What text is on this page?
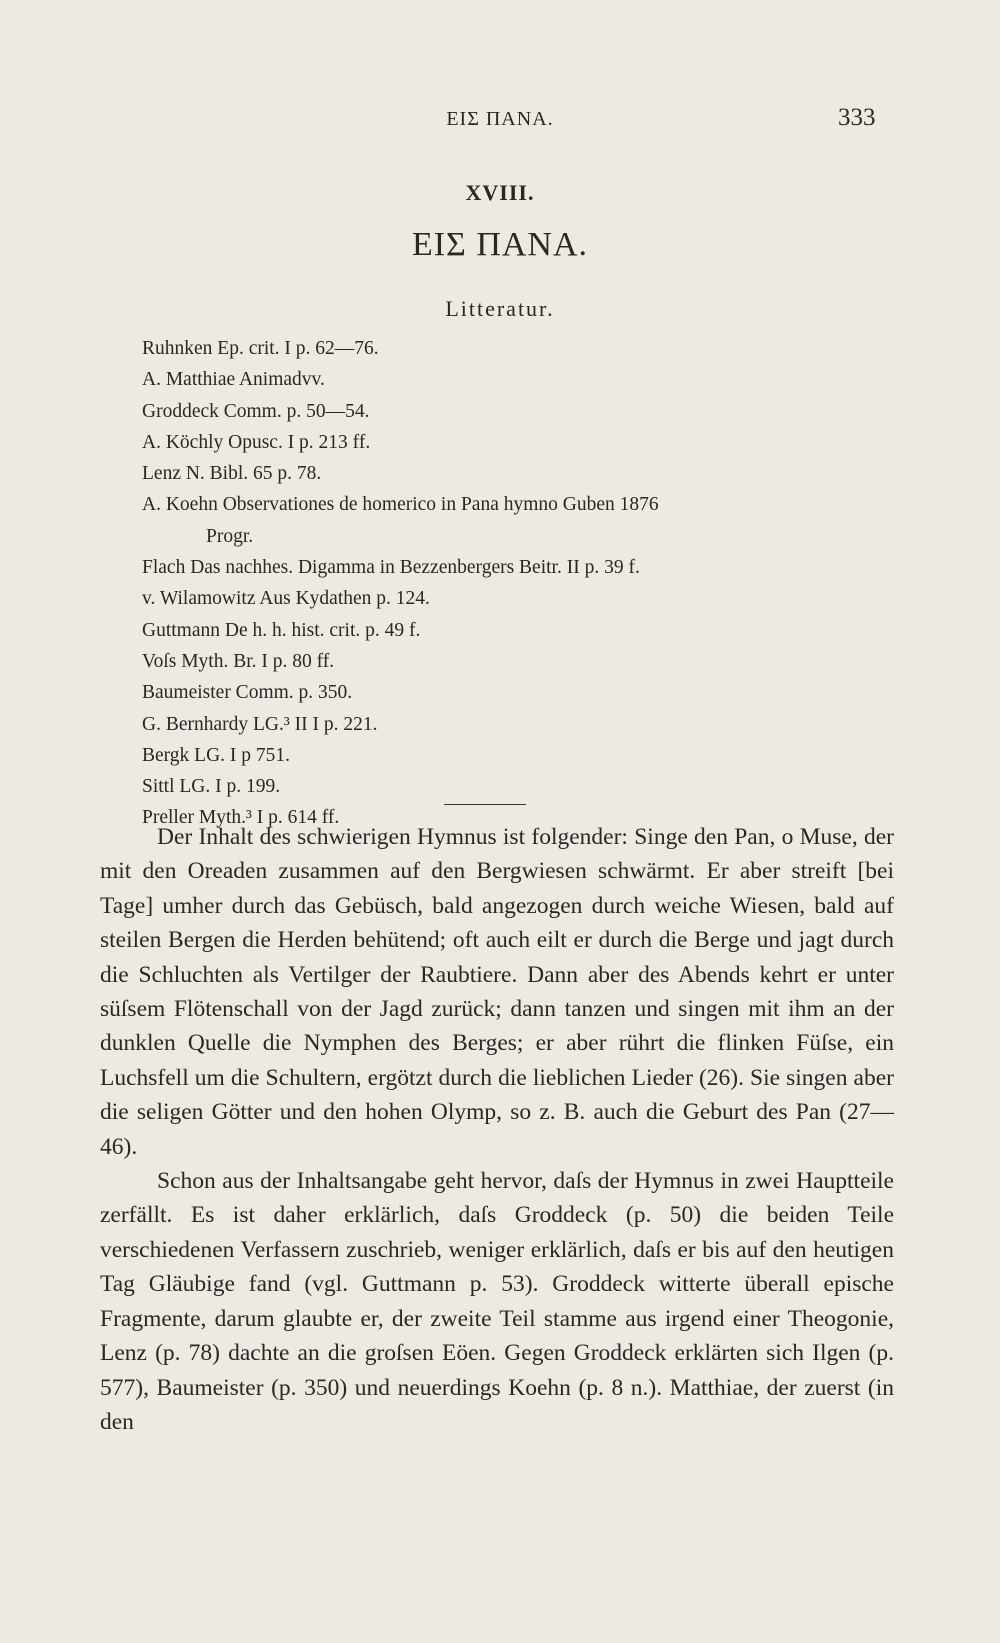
ΕΙΣ ΠΑΝΑ.	333
XVIII.
ΕΙΣ ΠΑΝΑ.
Litteratur.
Ruhnken Ep. crit. I p. 62—76.
A. Matthiae Animadvv.
Groddeck Comm. p. 50—54.
A. Köchly Opusc. I p. 213 ff.
Lenz N. Bibl. 65 p. 78.
A. Koehn Observationes de homerico in Pana hymno Guben 1876
Progr.
Flach Das nachhes. Digamma in Bezzenbergers Beitr. II p. 39 f.
v. Wilamowitz Aus Kydathen p. 124.
Guttmann De h. h. hist. crit. p. 49 f.
Voſs Myth. Br. I p. 80 ff.
Baumeister Comm. p. 350.
G. Bernhardy LG.³ II I p. 221.
Bergk LG. I p 751.
Sittl LG. I p. 199.
Preller Myth.³ I p. 614 ff.

Der Inhalt des schwierigen Hymnus ist folgender: Singe den Pan, o Muse, der mit den Oreaden zusammen auf den Bergwiesen schwärmt. Er aber streift [bei Tage] umher durch das Gebüsch, bald angezogen durch weiche Wiesen, bald auf steilen Bergen die Herden behütend; oft auch eilt er durch die Berge und jagt durch die Schluchten als Vertilger der Raubtiere. Dann aber des Abends kehrt er unter süſsem Flötenschall von der Jagd zurück; dann tanzen und singen mit ihm an der dunklen Quelle die Nymphen des Berges; er aber rührt die flinken Füſse, ein Luchsfell um die Schultern, ergötzt durch die lieblichen Lieder (26). Sie singen aber die seligen Götter und den hohen Olymp, so z. B. auch die Geburt des Pan (27—46).

Schon aus der Inhaltsangabe geht hervor, daſs der Hymnus in zwei Hauptteile zerfällt. Es ist daher erklärlich, daſs Groddeck (p. 50) die beiden Teile verschiedenen Verfassern zuschrieb, weniger erklärlich, daſs er bis auf den heutigen Tag Gläubige fand (vgl. Guttmann p. 53). Groddeck witterte überall epische Fragmente, darum glaubte er, der zweite Teil stamme aus irgend einer Theogonie, Lenz (p. 78) dachte an die groſsen Eöen. Gegen Groddeck erklärten sich Ilgen (p. 577), Baumeister (p. 350) und neuerdings Koehn (p. 8 n.). Matthiae, der zuerst (in den
